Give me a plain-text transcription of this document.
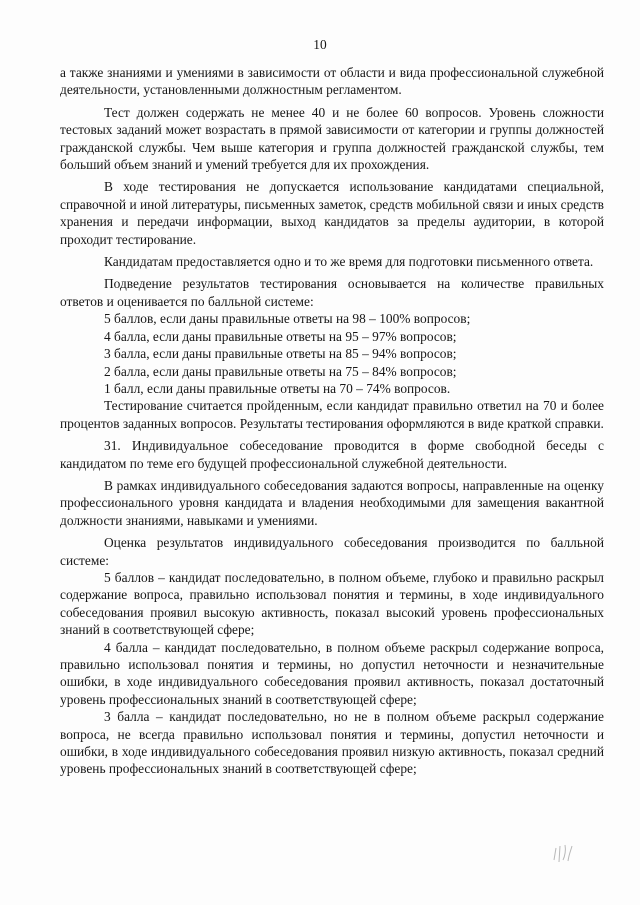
10

а также знаниями и умениями в зависимости от области и вида профессиональной служебной деятельности, установленными должностным регламентом.

Тест должен содержать не менее 40 и не более 60 вопросов. Уровень сложности тестовых заданий может возрастать в прямой зависимости от категории и группы должностей гражданской службы. Чем выше категория и группа должностей гражданской службы, тем больший объем знаний и умений требуется для их прохождения.

В ходе тестирования не допускается использование кандидатами специальной, справочной и иной литературы, письменных заметок, средств мобильной связи и иных средств хранения и передачи информации, выход кандидатов за пределы аудитории, в которой проходит тестирование.

Кандидатам предоставляется одно и то же время для подготовки письменного ответа.

Подведение результатов тестирования основывается на количестве правильных ответов и оценивается по балльной системе:

5 баллов, если даны правильные ответы на 98 – 100% вопросов;

4 балла, если даны правильные ответы на 95 – 97% вопросов;

3 балла, если даны правильные ответы на 85 – 94% вопросов;

2 балла, если даны правильные ответы на 75 – 84% вопросов;

1 балл, если даны правильные ответы на 70 – 74% вопросов.

Тестирование считается пройденным, если кандидат правильно ответил на 70 и более процентов заданных вопросов. Результаты тестирования оформляются в виде краткой справки.

31. Индивидуальное собеседование проводится в форме свободной беседы с кандидатом по теме его будущей профессиональной служебной деятельности.

В рамках индивидуального собеседования задаются вопросы, направленные на оценку профессионального уровня кандидата и владения необходимыми для замещения вакантной должности знаниями, навыками и умениями.

Оценка результатов индивидуального собеседования производится по балльной системе:

5 баллов – кандидат последовательно, в полном объеме, глубоко и правильно раскрыл содержание вопроса, правильно использовал понятия и термины, в ходе индивидуального собеседования проявил высокую активность, показал высокий уровень профессиональных знаний в соответствующей сфере;

4 балла – кандидат последовательно, в полном объеме раскрыл содержание вопроса, правильно использовал понятия и термины, но допустил неточности и незначительные ошибки, в ходе индивидуального собеседования проявил активность, показал достаточный уровень профессиональных знаний в соответствующей сфере;

3 балла – кандидат последовательно, но не в полном объеме раскрыл содержание вопроса, не всегда правильно использовал понятия и термины, допустил неточности и ошибки, в ходе индивидуального собеседования проявил низкую активность, показал средний уровень профессиональных знаний в соответствующей сфере;
